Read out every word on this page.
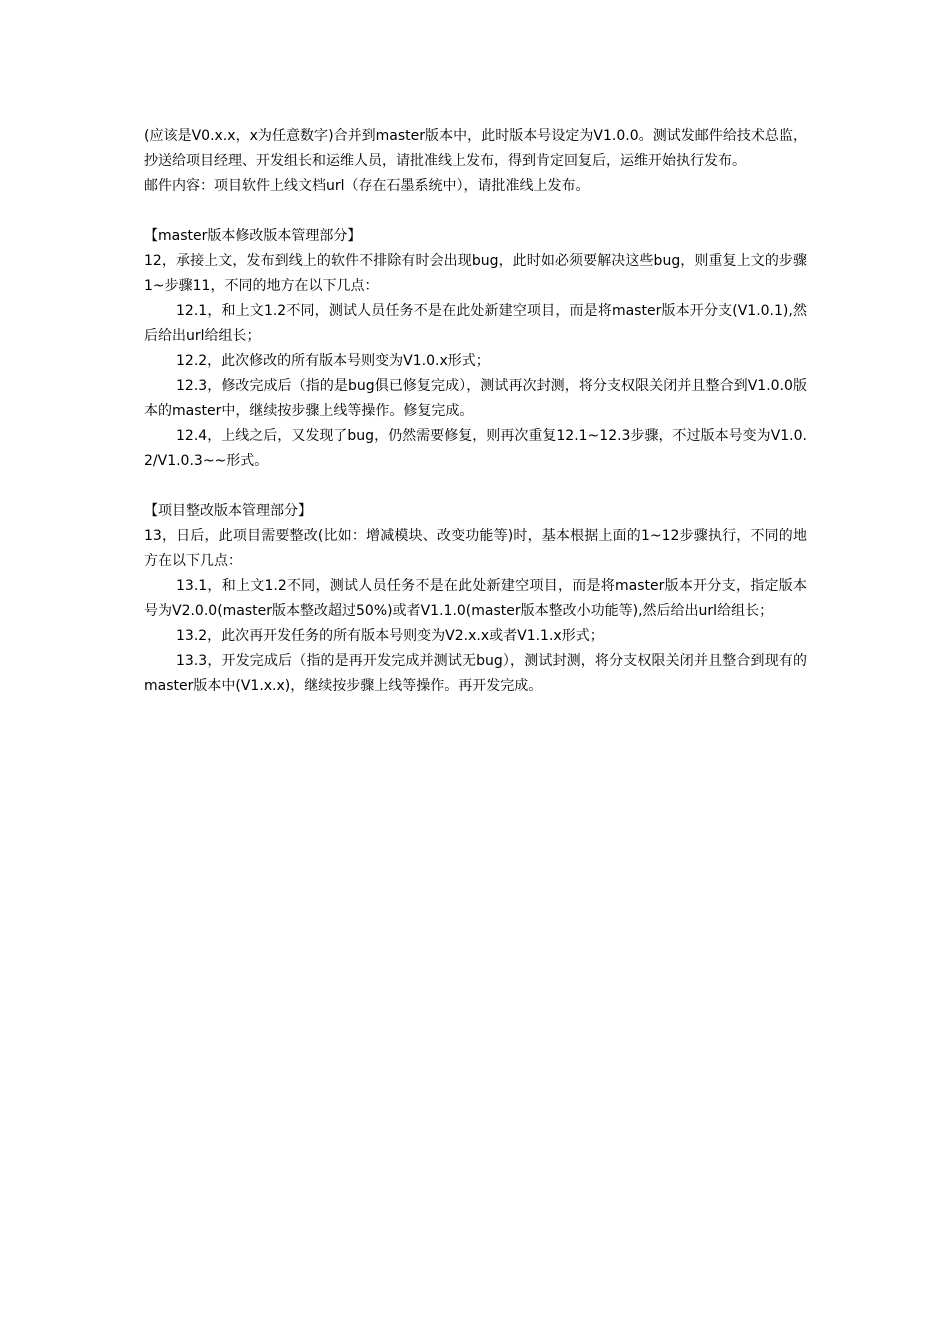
(应该是V0.x.x，x为任意数字)合并到master版本中，此时版本号设定为V1.0.0。测试发邮件给技术总监，抄送给项目经理、开发组长和运维人员，请批准线上发布，得到肯定回复后，运维开始执行发布。

邮件内容：项目软件上线文档url（存在石墨系统中），请批准线上发布。

【master版本修改版本管理部分】

12，承接上文，发布到线上的软件不排除有时会出现bug，此时如必须要解决这些bug，则重复上文的步骤1~步骤11，不同的地方在以下几点：

12.1，和上文1.2不同，测试人员任务不是在此处新建空项目，而是将master版本开分支(V1.0.1),然后给出url给组长；

12.2，此次修改的所有版本号则变为V1.0.x形式；

12.3，修改完成后（指的是bug俱已修复完成），测试再次封测，将分支权限关闭并且整合到V1.0.0版本的master中，继续按步骤上线等操作。修复完成。

12.4，上线之后，又发现了bug，仍然需要修复，则再次重复12.1~12.3步骤，不过版本号变为V1.0.2/V1.0.3~~形式。

【项目整改版本管理部分】

13，日后，此项目需要整改(比如：增减模块、改变功能等)时，基本根据上面的1~12步骤执行，不同的地方在以下几点：

13.1，和上文1.2不同，测试人员任务不是在此处新建空项目，而是将master版本开分支，指定版本号为V2.0.0(master版本整改超过50%)或者V1.1.0(master版本整改小功能等),然后给出url给组长；

13.2，此次再开发任务的所有版本号则变为V2.x.x或者V1.1.x形式；

13.3，开发完成后（指的是再开发完成并测试无bug），测试封测，将分支权限关闭并且整合到现有的master版本中(V1.x.x)，继续按步骤上线等操作。再开发完成。
